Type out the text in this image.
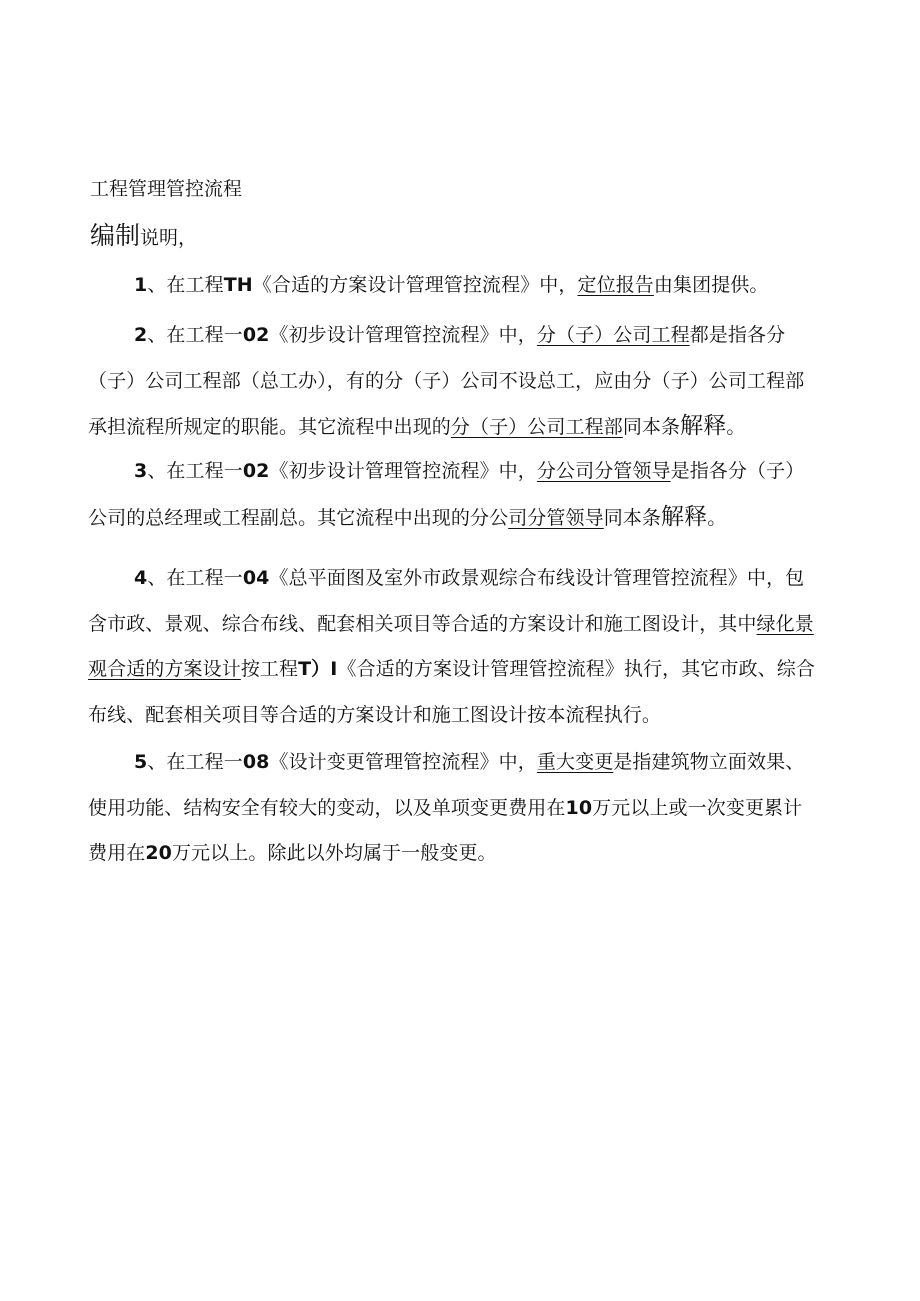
工程管理管控流程
编制说明，
1、在工程TH《合适的方案设计管理管控流程》中，定位报告由集团提供。
2、在工程一02《初步设计管理管控流程》中，分（子）公司工程都是指各分（子）公司工程部（总工办），有的分（子）公司不设总工，应由分（子）公司工程部承担流程所规定的职能。其它流程中出现的分（子）公司工程部同本条解释。
3、在工程一02《初步设计管理管控流程》中，分公司分管领导是指各分（子）公司的总经理或工程副总。其它流程中出现的分公司分管领导同本条解释。
4、在工程一04《总平面图及室外市政景观综合布线设计管理管控流程》中，包含市政、景观、综合布线、配套相关项目等合适的方案设计和施工图设计，其中绿化景观合适的方案设计按工程T）I《合适的方案设计管理管控流程》执行，其它市政、综合布线、配套相关项目等合适的方案设计和施工图设计按本流程执行。
5、在工程一08《设计变更管理管控流程》中，重大变更是指建筑物立面效果、使用功能、结构安全有较大的变动，以及单项变更费用在10万元以上或一次变更累计费用在20万元以上。除此以外均属于一般变更。
